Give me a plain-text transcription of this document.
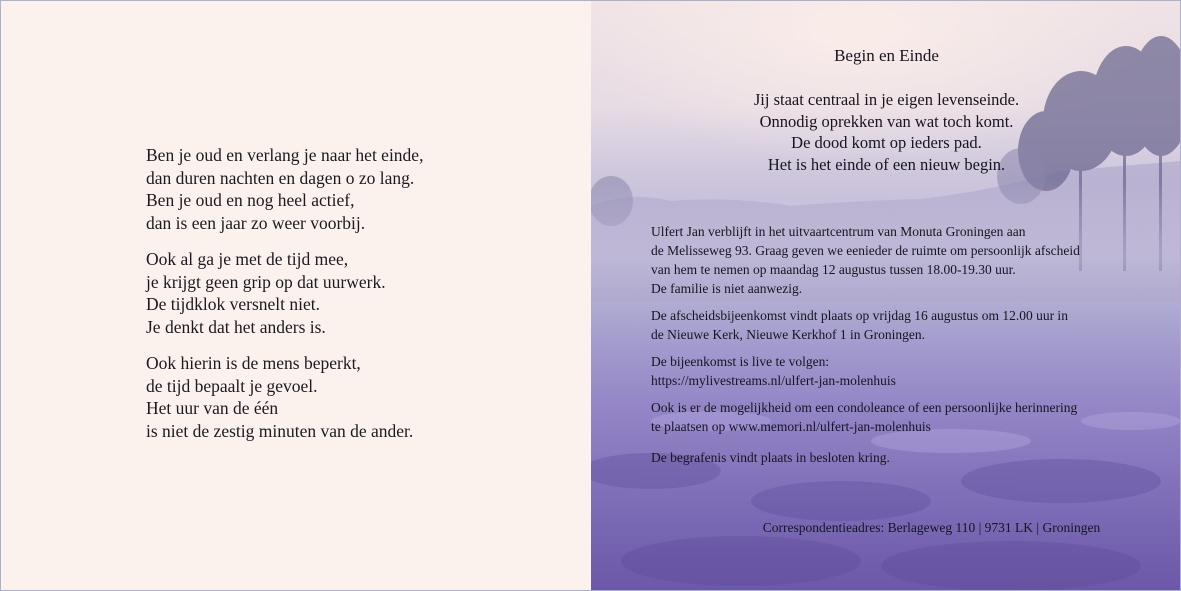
Ben je oud en verlang je naar het einde,
dan duren nachten en dagen o zo lang.
Ben je oud en nog heel actief,
dan is een jaar zo weer voorbij.
Ook al ga je met de tijd mee,
je krijgt geen grip op dat uurwerk.
De tijdklok versnelt niet.
Je denkt dat het anders is.
Ook hierin is de mens beperkt,
de tijd bepaalt je gevoel.
Het uur van de één
is niet de zestig minuten van de ander.
Begin en Einde
Jij staat centraal in je eigen levenseinde.
Onnodig oprekken van wat toch komt.
De dood komt op ieders pad.
Het is het einde of een nieuw begin.

Ulfert Jan verblijft in het uitvaartcentrum van Monuta Groningen aan
de Melisseweg 93. Graag geven we eenieder de ruimte om persoonlijk afscheid
van hem te nemen op maandag 12 augustus tussen 18.00-19.30 uur.
De familie is niet aanwezig.

De afscheidsbijeenkomst vindt plaats op vrijdag 16 augustus om 12.00 uur in
de Nieuwe Kerk, Nieuwe Kerkhof 1 in Groningen.

De bijeenkomst is live te volgen:
https://mylivestreams.nl/ulfert-jan-molenhuis

Ook is er de mogelijkheid om een condoleance of een persoonlijke herinnering
te plaatsen op www.memori.nl/ulfert-jan-molenhuis

De begrafenis vindt plaats in besloten kring.

Correspondentieadres: Berlageweg 110 | 9731 LK | Groningen
